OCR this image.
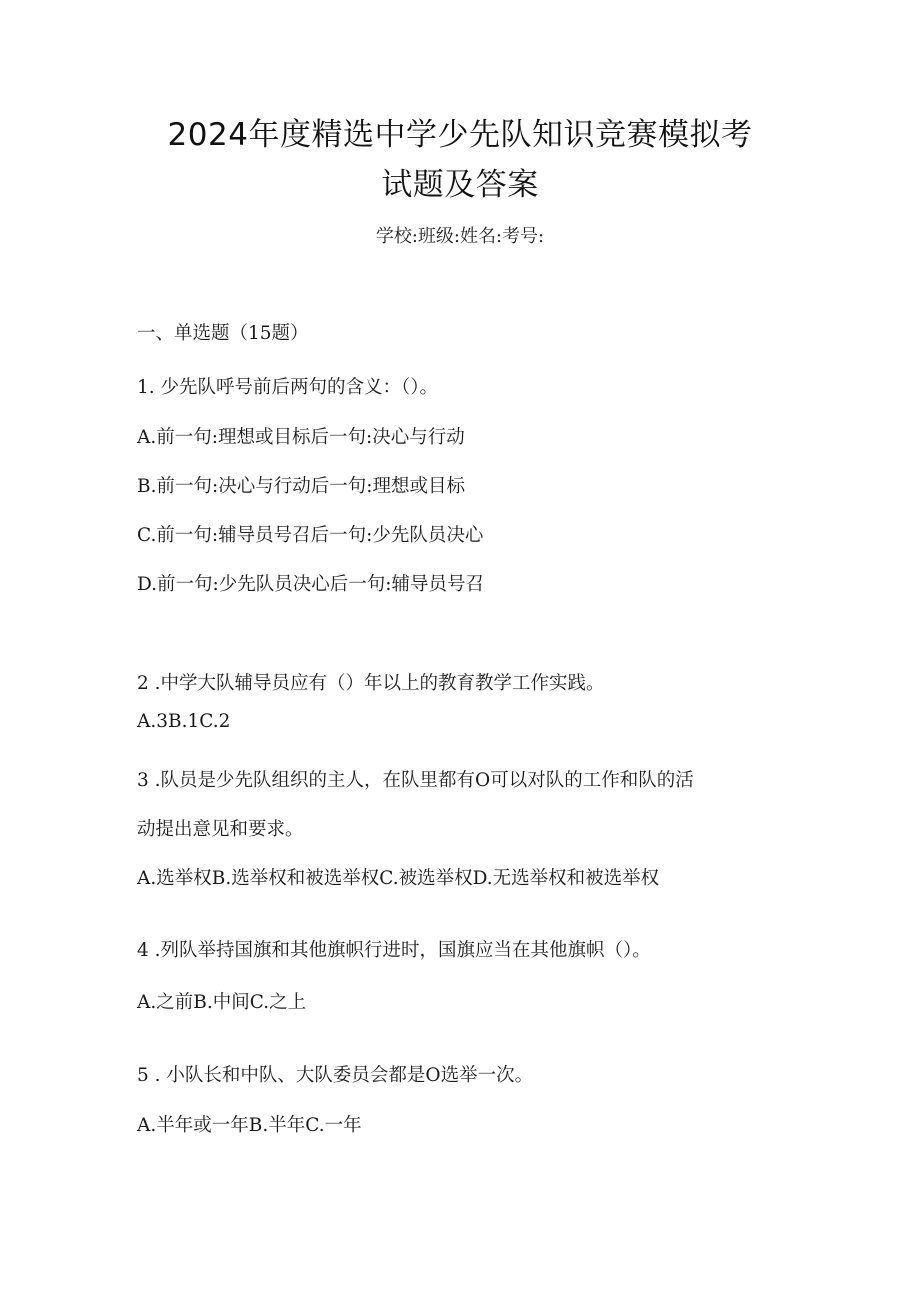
2024年度精选中学少先队知识竞赛模拟考
试题及答案
学校:班级:姓名:考号:
一、单选题（15题）
1. 少先队呼号前后两句的含义：（）。
A.前一句:理想或目标后一句:决心与行动
B.前一句:决心与行动后一句:理想或目标
C.前一句:辅导员号召后一句:少先队员决心
D.前一句:少先队员决心后一句:辅导员号召
2 .中学大队辅导员应有（）年以上的教育教学工作实践。
A.3B.1C.2
3 .队员是少先队组织的主人，在队里都有O可以对队的工作和队的活
动提出意见和要求。
A.选举权B.选举权和被选举权C.被选举权D.无选举权和被选举权
4 .列队举持国旗和其他旗帜行进时，国旗应当在其他旗帜（）。
A.之前B.中间C.之上
5 . 小队长和中队、大队委员会都是O选举一次。
A.半年或一年B.半年C.一年
